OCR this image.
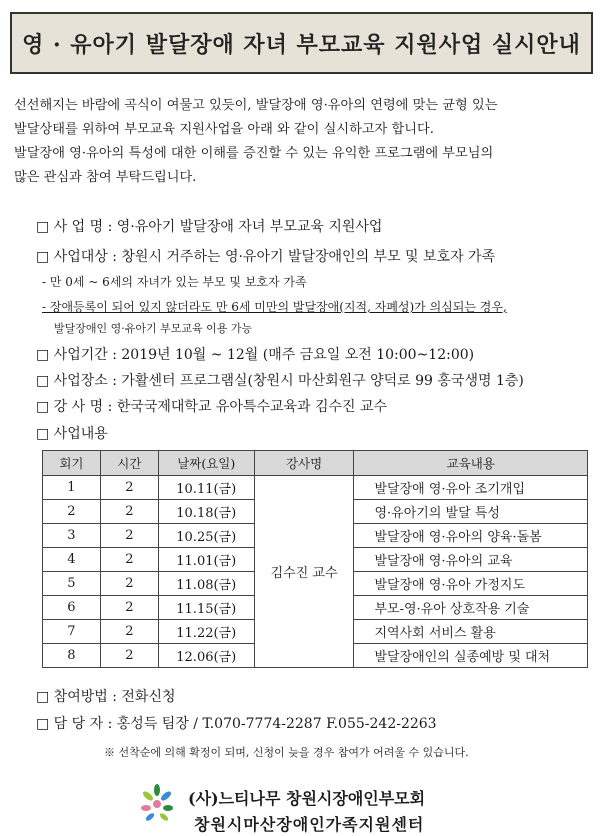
영 · 유아기 발달장애 자녀 부모교육 지원사업 실시안내

선선해지는 바람에 곡식이 여물고 있듯이, 발달장애 영·유아의 연령에 맞는 균형 있는

발달상태를 위하여 부모교육 지원사업을 아래 와 같이 실시하고자 합니다.

발달장애 영·유아의 특성에 대한 이해를 증진할 수 있는 유익한 프로그램에 부모님의

많은 관심과 참여 부탁드립니다.

□ 사 업 명 : 영·유아기 발달장애 자녀 부모교육 지원사업
□ 사업대상 : 창원시 거주하는 영·유아기 발달장애인의 부모 및 보호자 가족
- 만 0세 ~ 6세의 자녀가 있는 부모 및 보호자 가족
- 장애등록이 되어 있지 않더라도 만 6세 미만의 발달장애(지적, 자폐성)가 의심되는 경우,
발달장애인 영·유아기 부모교육 이용 가능
□ 사업기간 : 2019년 10월 ~ 12월 (매주 금요일 오전 10:00~12:00)
□ 사업장소 : 가활센터 프로그램실(창원시 마산회원구 양덕로 99 홍국생명 1층)
□ 강 사 명 : 한국국제대학교 유아특수교육과 김수진 교수
□ 사업내용
□ 참여방법 : 전화신청
□ 담 당 자 : 홍성득 팀장 / T.070-7774-2287 F.055-242-2263
회기	시간	날짜(요일)	강사명	교육내용
1	2	10.11(금)	김수진 교수	발달장애 영·유아 조기개입
2	2	10.18(금)		영·유아기의 발달 특성
3	2	10.25(금)		발달장애 영·유아의 양육·돌봄
4	2	11.01(금)		발달장애 영·유아의 교육
5	2	11.08(금)		발달장애 영·유아 가정지도
6	2	11.15(금)		부모-영·유아 상호작용 기술
7	2	11.22(금)		지역사회 서비스 활용
8	2	12.06(금)		발달장애인의 실종예방 및 대처
※ 선착순에 의해 확정이 되며, 신청이 늦을 경우 참여가 어려울 수 있습니다.
(사)느티나무 창원시장애인부모회
창원시마산장애인가족지원센터
